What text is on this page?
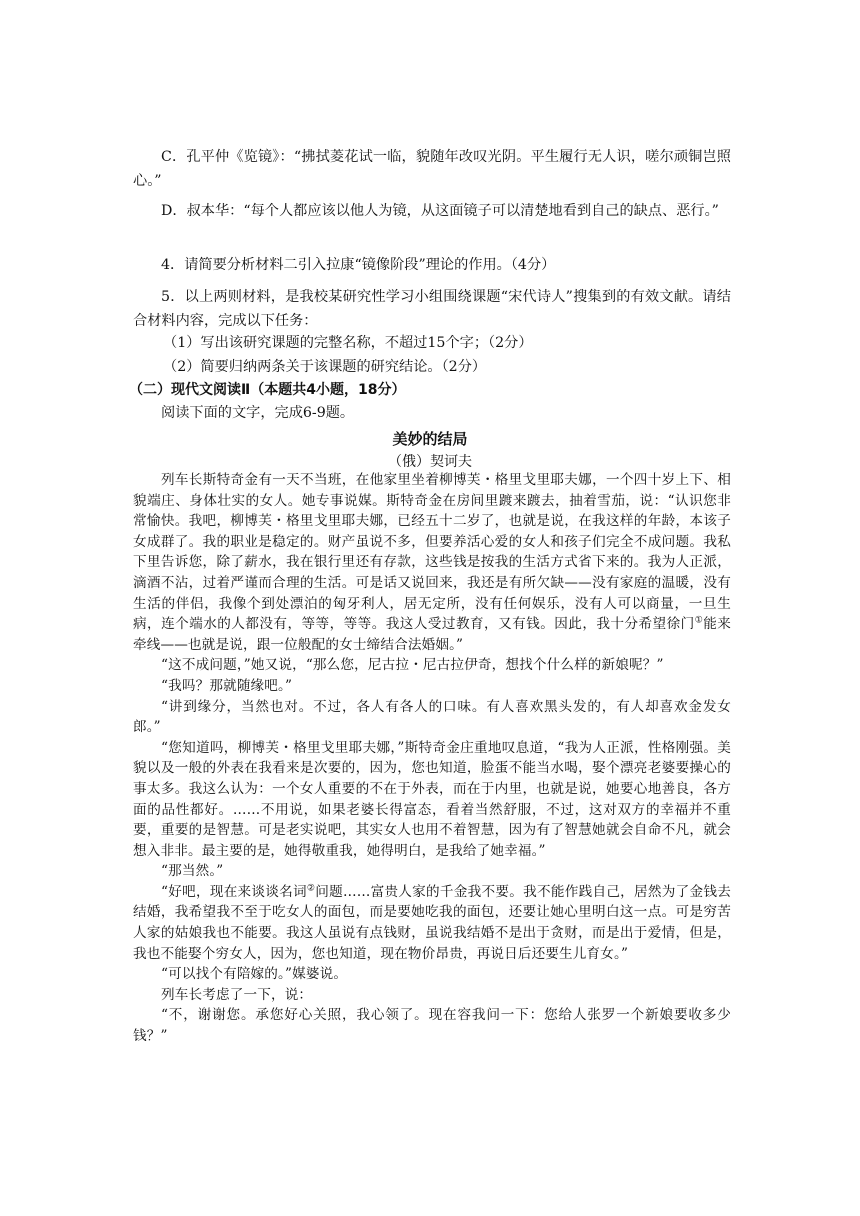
C．孔平仲《览镜》：“拂拭菱花试一临，貌随年改叹光阴。平生履行无人识，嗟尔顽铜岂照心。”

D．叔本华：“每个人都应该以他人为镜，从这面镜子可以清楚地看到自己的缺点、恶行。”

4．请简要分析材料二引入拉康“镜像阶段”理论的作用。（4分）

5．以上两则材料，是我校某研究性学习小组围绕课题“宋代诗人”搜集到的有效文献。请结合材料内容，完成以下任务：

（1）写出该研究课题的完整名称，不超过15个字；（2分）

（2）简要归纳两条关于该课题的研究结论。（2分）

（二）现代文阅读Ⅱ（本题共4小题，18分）

阅读下面的文字，完成6-9题。

美妙的结局

（俄）契诃夫

列车长斯特奇金有一天不当班，在他家里坐着柳博芙・格里戈里耶夫娜，一个四十岁上下、相貌端庄、身体壮实的女人。她专事说媒。斯特奇金在房间里踱来踱去，抽着雪茄，说：“认识您非常愉快。我吧，柳博芙・格里戈里耶夫娜，已经五十二岁了，也就是说，在我这样的年龄，本该子女成群了。我的职业是稳定的。财产虽说不多，但要养活心爱的女人和孩子们完全不成问题。我私下里告诉您，除了薪水，我在银行里还有存款，这些钱是按我的生活方式省下来的。我为人正派，滴酒不沾，过着严谨而合理的生活。可是话又说回来，我还是有所欠缺——没有家庭的温暖，没有生活的伴侣，我像个到处漂泊的匈牙利人，居无定所，没有任何娱乐，没有人可以商量，一旦生病，连个端水的人都没有，等等，等等。我这人受过教育，又有钱。因此，我十分希望徐门①能来牵线——也就是说，跟一位般配的女士缔结合法婚姻。”

“这不成问题，”她又说，“那么您，尼古拉・尼古拉伊奇，想找个什么样的新娘呢？”

“我吗？那就随缘吧。”

“讲到缘分，当然也对。不过，各人有各人的口味。有人喜欢黑头发的，有人却喜欢金发女郎。”

“您知道吗，柳博芙・格里戈里耶夫娜，”斯特奇金庄重地叹息道，“我为人正派，性格刚强。美貌以及一般的外表在我看来是次要的，因为，您也知道，脸蛋不能当水喝，娶个漂亮老婆要操心的事太多。我这么认为：一个女人重要的不在于外表，而在于内里，也就是说，她要心地善良，各方面的品性都好。……不用说，如果老婆长得富态，看着当然舒服，不过，这对双方的幸福并不重要，重要的是智慧。可是老实说吧，其实女人也用不着智慧，因为有了智慧她就会自命不凡，就会想入非非。最主要的是，她得敬重我，她得明白，是我给了她幸福。”

“那当然。”

“好吧，现在来谈谈名词②问题……富贵人家的千金我不要。我不能作践自己，居然为了金钱去结婚，我希望我不至于吃女人的面包，而是要她吃我的面包，还要让她心里明白这一点。可是穷苦人家的姑娘我也不能要。我这人虽说有点钱财，虽说我结婚不是出于贪财，而是出于爱情，但是，我也不能娶个穷女人，因为，您也知道，现在物价昂贵，再说日后还要生儿育女。”

“可以找个有陪嫁的。”媒婆说。

列车长考虑了一下，说：

“不，谢谢您。承您好心关照，我心领了。现在容我问一下：您给人张罗一个新娘要收多少钱？”
